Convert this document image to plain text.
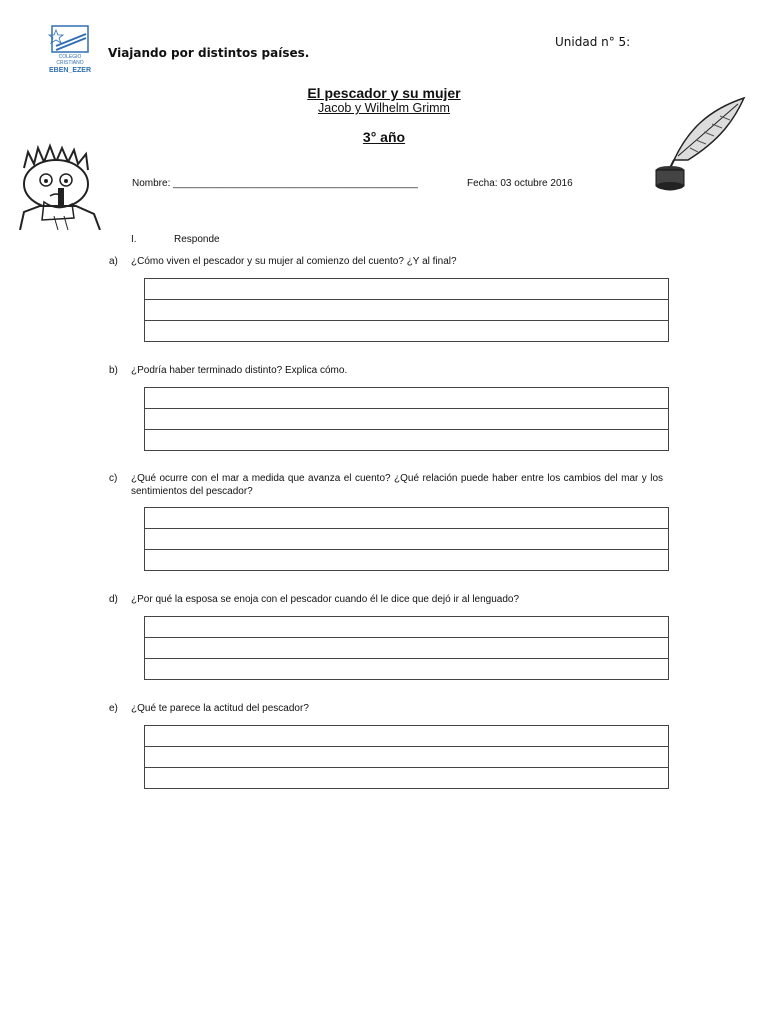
COLEGIO
CRISTIANO
EBEN_EZER
Viajando por distintos países.
Unidad n° 5:
El pescador y su mujer
Jacob y Wilhelm Grimm
3° año
Nombre: ____________________________________________	Fecha: 03 octubre 2016
I.	Responde
a) ¿Cómo viven el pescador y su mujer al comienzo del cuento? ¿Y al final?

b) ¿Podría haber terminado distinto? Explica cómo.

c) ¿Qué ocurre con el mar a medida que avanza el cuento? ¿Qué relación puede haber entre los cambios del mar y los sentimientos del pescador?

d) ¿Por qué la esposa se enoja con el pescador cuando él le dice que dejó ir al lenguado?

e) ¿Qué te parece la actitud del pescador?
